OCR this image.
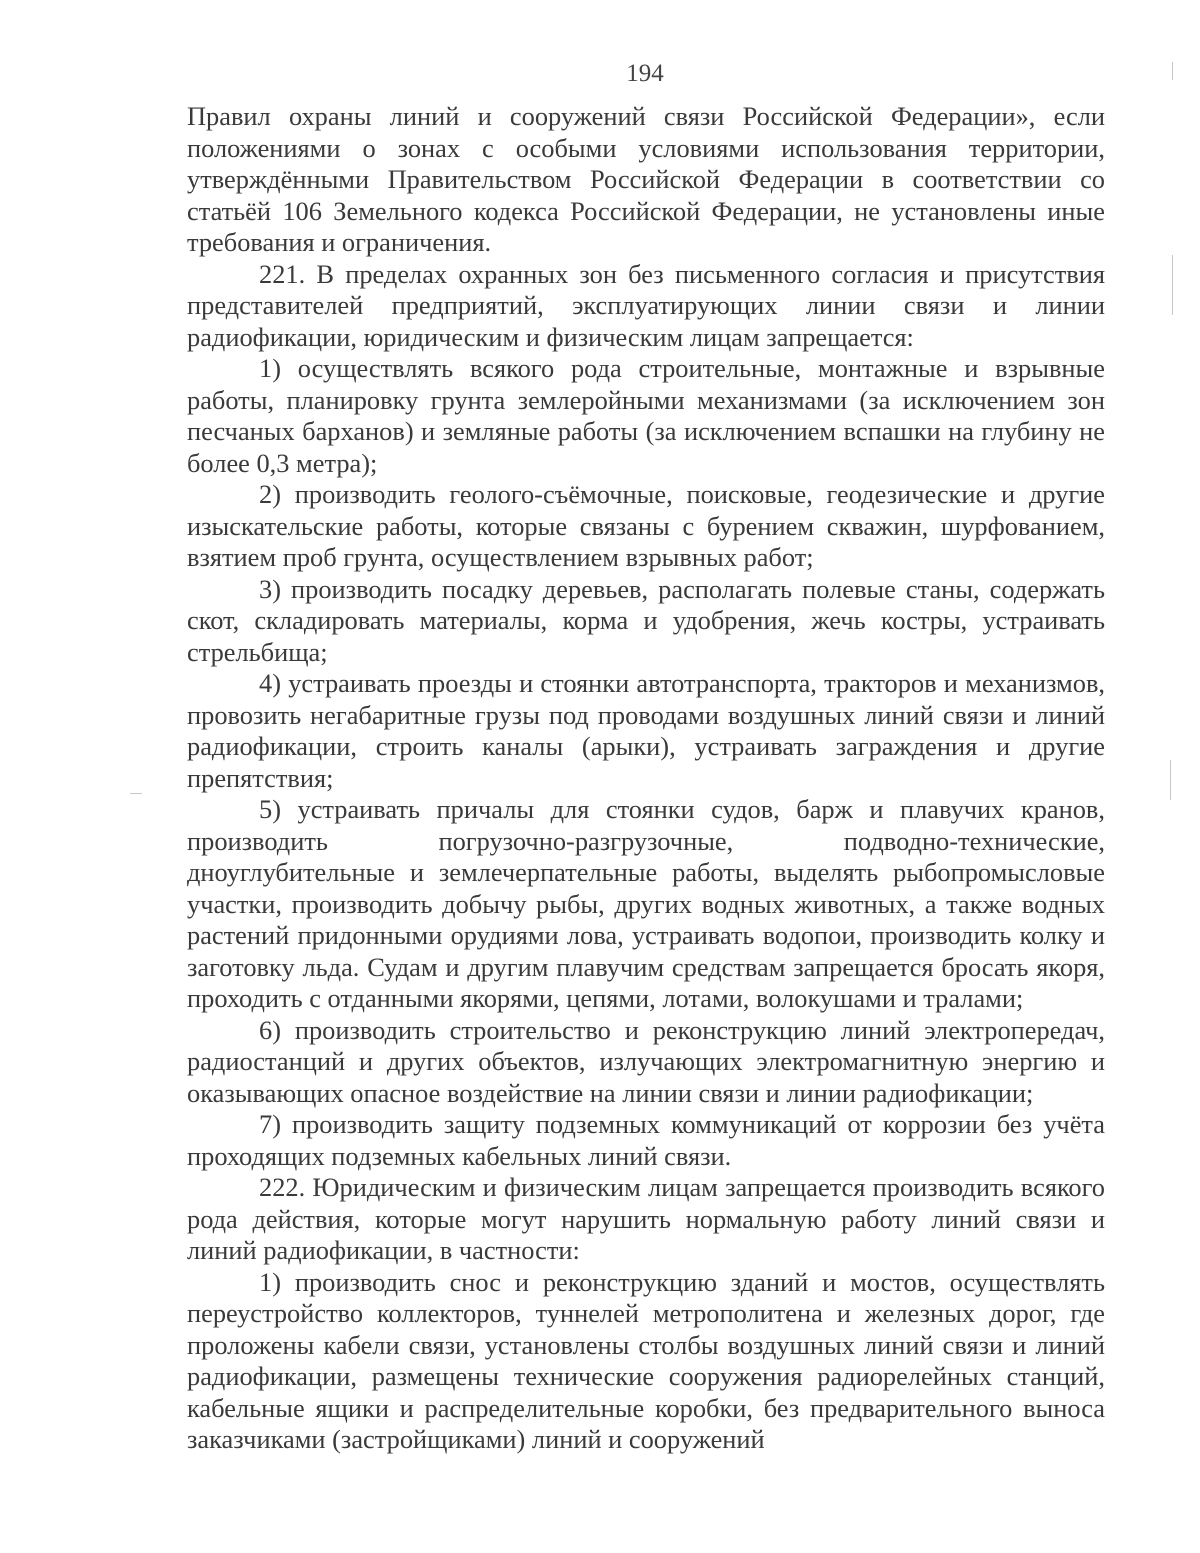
194

Правил охраны линий и сооружений связи Российской Федерации», если положениями о зонах с особыми условиями использования территории, утверждёнными Правительством Российской Федерации в соответствии со статьёй 106 Земельного кодекса Российской Федерации, не установлены иные требования и ограничения.

221. В пределах охранных зон без письменного согласия и присутствия представителей предприятий, эксплуатирующих линии связи и линии радиофикации, юридическим и физическим лицам запрещается:

1) осуществлять всякого рода строительные, монтажные и взрывные работы, планировку грунта землеройными механизмами (за исключением зон песчаных барханов) и земляные работы (за исключением вспашки на глубину не более 0,3 метра);

2) производить геолого-съёмочные, поисковые, геодезические и другие изыскательские работы, которые связаны с бурением скважин, шурфованием, взятием проб грунта, осуществлением взрывных работ;

3) производить посадку деревьев, располагать полевые станы, содержать скот, складировать материалы, корма и удобрения, жечь костры, устраивать стрельбища;

4) устраивать проезды и стоянки автотранспорта, тракторов и механизмов, провозить негабаритные грузы под проводами воздушных линий связи и линий радиофикации, строить каналы (арыки), устраивать заграждения и другие препятствия;

5) устраивать причалы для стоянки судов, барж и плавучих кранов, производить погрузочно-разгрузочные, подводно-технические, дноуглубительные и землечерпательные работы, выделять рыбопромысловые участки, производить добычу рыбы, других водных животных, а также водных растений придонными орудиями лова, устраивать водопои, производить колку и заготовку льда. Судам и другим плавучим средствам запрещается бросать якоря, проходить с отданными якорями, цепями, лотами, волокушами и тралами;

6) производить строительство и реконструкцию линий электропередач, радиостанций и других объектов, излучающих электромагнитную энергию и оказывающих опасное воздействие на линии связи и линии радиофикации;

7) производить защиту подземных коммуникаций от коррозии без учёта проходящих подземных кабельных линий связи.

222. Юридическим и физическим лицам запрещается производить всякого рода действия, которые могут нарушить нормальную работу линий связи и линий радиофикации, в частности:

1) производить снос и реконструкцию зданий и мостов, осуществлять переустройство коллекторов, туннелей метрополитена и железных дорог, где проложены кабели связи, установлены столбы воздушных линий связи и линий радиофикации, размещены технические сооружения радиорелейных станций, кабельные ящики и распределительные коробки, без предварительного выноса заказчиками (застройщиками) линий и сооружений
